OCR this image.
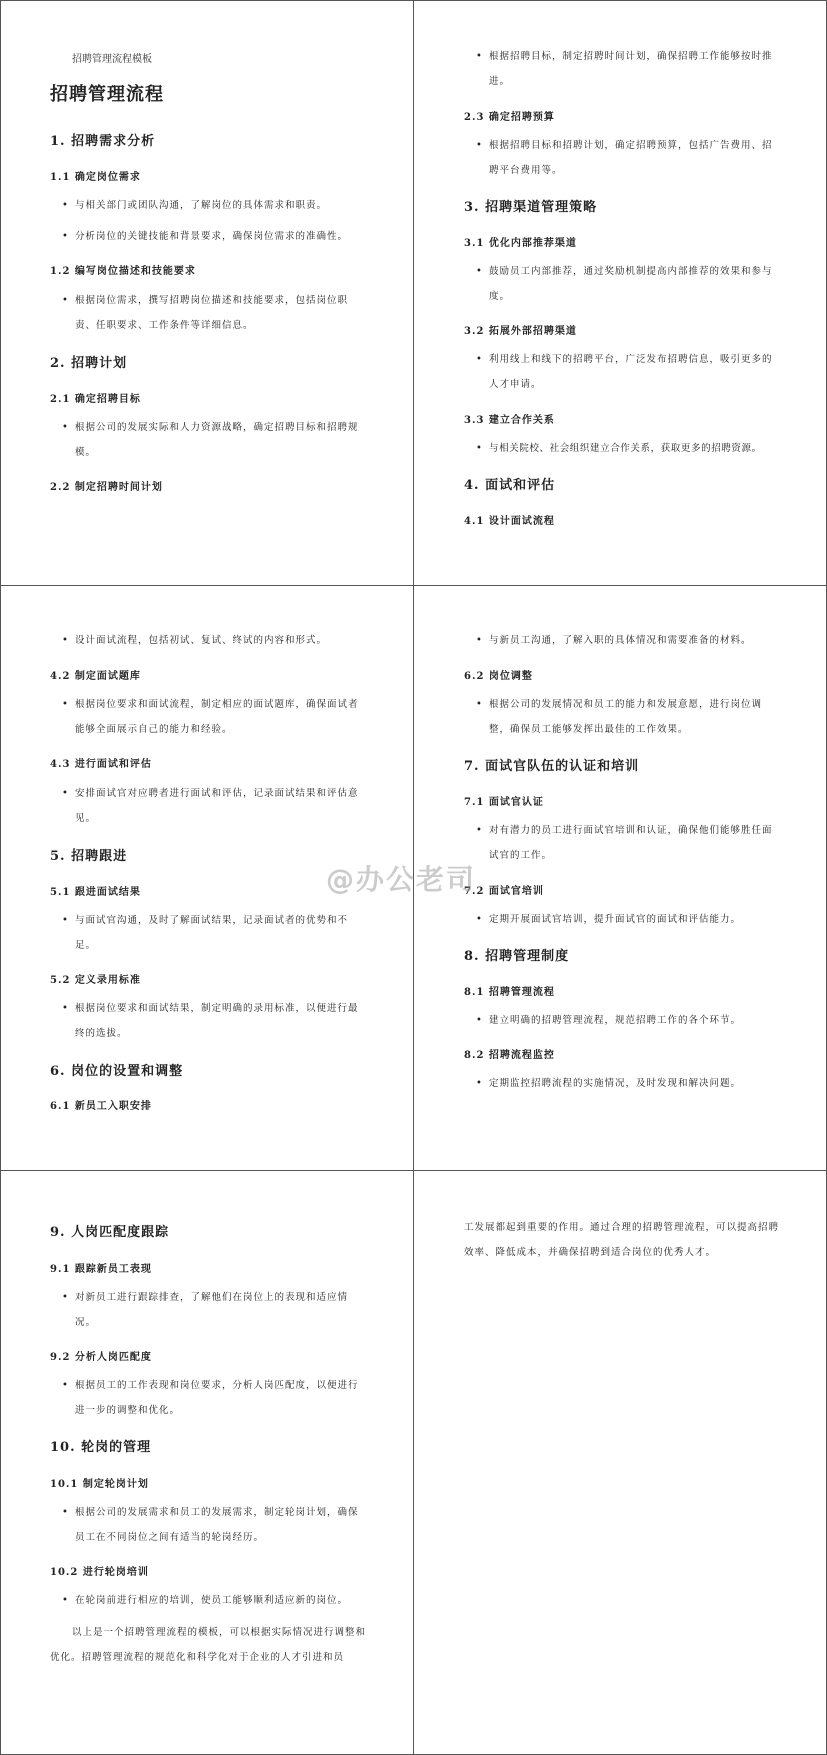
招聘管理流程模板

招聘管理流程
1. 招聘需求分析
1.1 确定岗位需求
• 与相关部门或团队沟通，了解岗位的具体需求和职责。
• 分析岗位的关键技能和背景要求，确保岗位需求的准确性。
1.2 编写岗位描述和技能要求
• 根据岗位需求，撰写招聘岗位描述和技能要求，包括岗位职责、任职要求、工作条件等详细信息。
2. 招聘计划
2.1 确定招聘目标
• 根据公司的发展实际和人力资源战略，确定招聘目标和招聘规模。
2.2 制定招聘时间计划
• 根据招聘目标，制定招聘时间计划，确保招聘工作能够按时推进。
2.3 确定招聘预算
• 根据招聘目标和招聘计划，确定招聘预算，包括广告费用、招聘平台费用等。
3. 招聘渠道管理策略
3.1 优化内部推荐渠道
• 鼓励员工内部推荐，通过奖励机制提高内部推荐的效果和参与度。
3.2 拓展外部招聘渠道
• 利用线上和线下的招聘平台，广泛发布招聘信息，吸引更多的人才申请。
3.3 建立合作关系
• 与相关院校、社会组织建立合作关系，获取更多的招聘资源。
4. 面试和评估
4.1 设计面试流程
• 设计面试流程，包括初试、复试、终试的内容和形式。
4.2 制定面试题库
• 根据岗位要求和面试流程，制定相应的面试题库，确保面试者能够全面展示自己的能力和经验。
4.3 进行面试和评估
• 安排面试官对应聘者进行面试和评估，记录面试结果和评估意见。
5. 招聘跟进
5.1 跟进面试结果
• 与面试官沟通，及时了解面试结果，记录面试者的优势和不足。
5.2 定义录用标准
• 根据岗位要求和面试结果，制定明确的录用标准，以便进行最终的选拔。
6. 岗位的设置和调整
6.1 新员工入职安排
• 与新员工沟通，了解入职的具体情况和需要准备的材料。
6.2 岗位调整
• 根据公司的发展情况和员工的能力和发展意愿，进行岗位调整，确保员工能够发挥出最佳的工作效果。
7. 面试官队伍的认证和培训
7.1 面试官认证
• 对有潜力的员工进行面试官培训和认证，确保他们能够胜任面试官的工作。
7.2 面试官培训
• 定期开展面试官培训，提升面试官的面试和评估能力。
8. 招聘管理制度
8.1 招聘管理流程
• 建立明确的招聘管理流程，规范招聘工作的各个环节。
8.2 招聘流程监控
• 定期监控招聘流程的实施情况，及时发现和解决问题。
9. 人岗匹配度跟踪
9.1 跟踪新员工表现
• 对新员工进行跟踪排查，了解他们在岗位上的表现和适应情况。
9.2 分析人岗匹配度
• 根据员工的工作表现和岗位要求，分析人岗匹配度，以便进行进一步的调整和优化。
10. 轮岗的管理
10.1 制定轮岗计划
• 根据公司的发展需求和员工的发展需求，制定轮岗计划，确保员工在不同岗位之间有适当的轮岗经历。
10.2 进行轮岗培训
• 在轮岗前进行相应的培训，使员工能够顺利适应新的岗位。

以上是一个招聘管理流程的模板，可以根据实际情况进行调整和优化。招聘管理流程的规范化和科学化对于企业的人才引进和员

工发展都起到重要的作用。通过合理的招聘管理流程，可以提高招聘效率、降低成本，并确保招聘到适合岗位的优秀人才。

@办公老司
